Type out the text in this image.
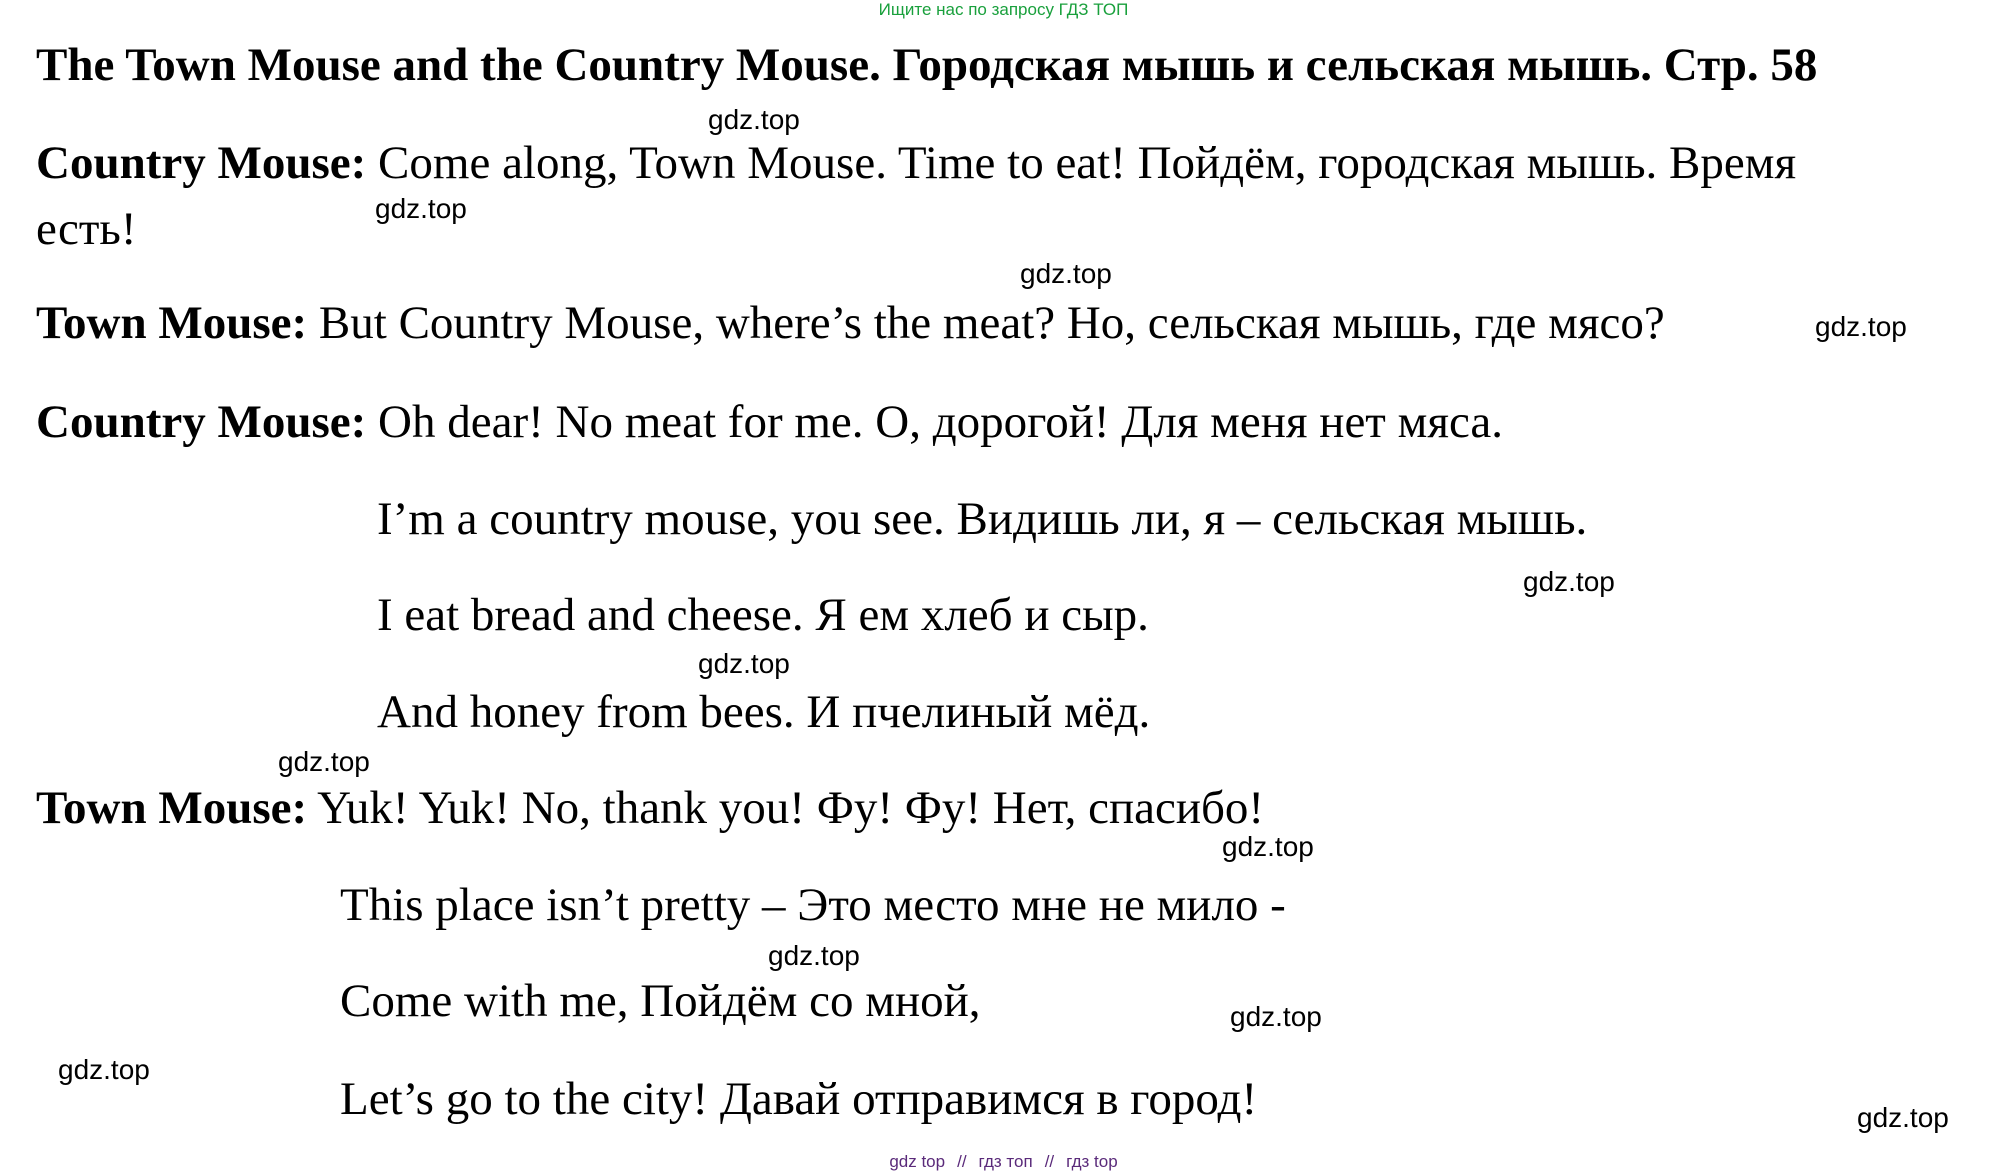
Ищите нас по запросу ГДЗ ТОП
The Town Mouse and the Country Mouse. Городская мышь и сельская мышь. Стр. 58
Country Mouse: Come along, Town Mouse. Time to eat! Пойдём, городская мышь. Время
есть!
Town Mouse: But Country Mouse, where’s the meat? Но, сельская мышь, где мясо?
Country Mouse: Oh dear! No meat for me. О, дорогой! Для меня нет мяса.
I’m a country mouse, you see. Видишь ли, я – сельская мышь.
I eat bread and cheese. Я ем хлеб и сыр.
And honey from bees. И пчелиный мёд.
Town Mouse: Yuk! Yuk! No, thank you! Фу! Фу! Нет, спасибо!
This place isn’t pretty – Это место мне не мило -
Come with me, Пойдём со мной,
Let’s go to the city! Давай отправимся в город!
gdz.top
gdz.top
gdz.top
gdz.top
gdz.top
gdz.top
gdz.top
gdz.top
gdz.top
gdz.top
gdz.top
gdz.top
gdz top // гдз топ // гдз top
